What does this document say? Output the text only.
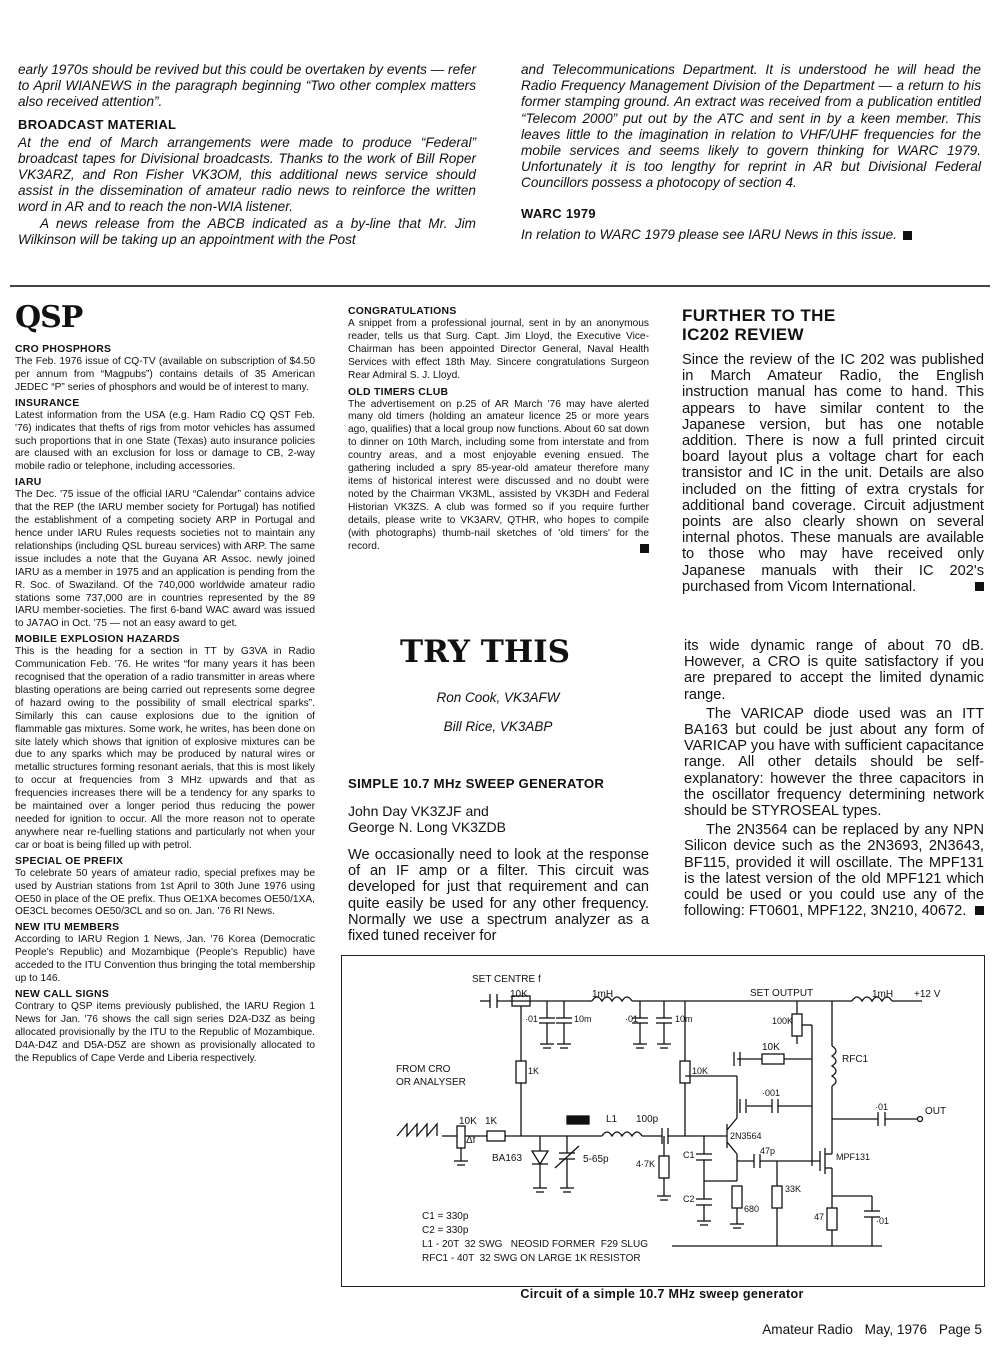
early 1970s should be revived but this could be overtaken by events — refer to April WIANEWS in the paragraph beginning “Two other complex matters also received attention”.

BROADCAST MATERIAL

At the end of March arrangements were made to produce “Federal” broadcast tapes for Divisional broadcasts. Thanks to the work of Bill Roper VK3ARZ, and Ron Fisher VK3OM, this additional news service should assist in the dissemination of amateur radio news to reinforce the written word in AR and to reach the non-WIA listener.

A news release from the ABCB indicated as a by-line that Mr. Jim Wilkinson will be taking up an appointment with the Post

and Telecommunications Department. It is understood he will head the Radio Frequency Management Division of the Department — a return to his former stamping ground. An extract was received from a publication entitled “Telecom 2000” put out by the ATC and sent in by a keen member. This leaves little to the imagination in relation to VHF/UHF frequencies for the mobile services and seems likely to govern thinking for WARC 1979. Unfortunately it is too lengthy for reprint in AR but Divisional Federal Councillors possess a photocopy of section 4.

WARC 1979

In relation to WARC 1979 please see IARU News in this issue.

QSP

CRO PHOSPHORS

The Feb. 1976 issue of CQ-TV (available on subscription of $4.50 per annum from “Magpubs”) contains details of 35 American JEDEC “P” series of phosphors and would be of interest to many.

INSURANCE

Latest information from the USA (e.g. Ham Radio CQ QST Feb. '76) indicates that thefts of rigs from motor vehicles has assumed such proportions that in one State (Texas) auto insurance policies are claused with an exclusion for loss or damage to CB, 2-way mobile radio or telephone, including accessories.

IARU

The Dec. '75 issue of the official IARU “Calendar” contains advice that the REP (the IARU member society for Portugal) has notified the establishment of a competing society ARP in Portugal and hence under IARU Rules requests societies not to maintain any relationships (including QSL bureau services) with ARP. The same issue includes a note that the Guyana AR Assoc. newly joined IARU as a member in 1975 and an application is pending from the R. Soc. of Swaziland. Of the 740,000 worldwide amateur radio stations some 737,000 are in countries represented by the 89 IARU member-societies. The first 6-band WAC award was issued to JA7AO in Oct. '75 — not an easy award to get.

MOBILE EXPLOSION HAZARDS

This is the heading for a section in TT by G3VA in Radio Communication Feb. '76. He writes “for many years it has been recognised that the operation of a radio transmitter in areas where blasting operations are being carried out represents some degree of hazard owing to the possibility of small electrical sparks”. Similarly this can cause explosions due to the ignition of flammable gas mixtures. Some work, he writes, has been done on site lately which shows that ignition of explosive mixtures can be due to any sparks which may be produced by natural wires or metallic structures forming resonant aerials, that this is most likely to occur at frequencies from 3 MHz upwards and that as frequencies increases there will be a tendency for any sparks to be maintained over a longer period thus reducing the power needed for ignition to occur. All the more reason not to operate anywhere near re-fuelling stations and particularly not when your car or boat is being filled up with petrol.

SPECIAL OE PREFIX

To celebrate 50 years of amateur radio, special prefixes may be used by Austrian stations from 1st April to 30th June 1976 using OE50 in place of the OE prefix. Thus OE1XA becomes OE50/1XA, OE3CL becomes OE50/3CL and so on. Jan. '76 RI News.

NEW ITU MEMBERS

According to IARU Region 1 News, Jan. '76 Korea (Democratic People's Republic) and Mozambique (People's Republic) have acceded to the ITU Convention thus bringing the total membership up to 146.

NEW CALL SIGNS

Contrary to QSP items previously published, the IARU Region 1 News for Jan. '76 shows the call sign series D2A-D3Z as being allocated provisionally by the ITU to the Republic of Mozambique. D4A-D4Z and D5A-D5Z are shown as provisionally allocated to the Republics of Cape Verde and Liberia respectively.

CONGRATULATIONS

A snippet from a professional journal, sent in by an anonymous reader, tells us that Surg. Capt. Jim Lloyd, the Executive Vice-Chairman has been appointed Director General, Naval Health Services with effect 18th May. Sincere congratulations Surgeon Rear Admiral S. J. Lloyd.

OLD TIMERS CLUB

The advertisement on p.25 of AR March '76 may have alerted many old timers (holding an amateur licence 25 or more years ago, qualifies) that a local group now functions. About 60 sat down to dinner on 10th March, including some from interstate and from country areas, and a most enjoyable evening ensued. The gathering included a spry 85-year-old amateur therefore many items of historical interest were discussed and no doubt were noted by the Chairman VK3ML, assisted by VK3DH and Federal Historian VK3ZS. A club was formed so if you require further details, please write to VK3ARV, QTHR, who hopes to compile (with photographs) thumb-nail sketches of 'old timers' for the record.

FURTHER TO THE
IC202 REVIEW

Since the review of the IC 202 was published in March Amateur Radio, the English instruction manual has come to hand. This appears to have similar content to the Japanese version, but has one notable addition. There is now a full printed circuit board layout plus a voltage chart for each transistor and IC in the unit. Details are also included on the fitting of extra crystals for additional band coverage. Circuit adjustment points are also clearly shown on several internal photos. These manuals are available to those who may have received only Japanese manuals with their IC 202's purchased from Vicom International.

TRY THIS
Ron Cook, VK3AFW
Bill Rice, VK3ABP
SIMPLE 10.7 MHz SWEEP GENERATOR
John Day VK3ZJF and
George N. Long VK3ZDB

We occasionally need to look at the response of an IF amp or a filter. This circuit was developed for just that requirement and can quite easily be used for any other frequency. Normally we use a spectrum analyzer as a fixed tuned receiver for

its wide dynamic range of about 70 dB. However, a CRO is quite satisfactory if you are prepared to accept the limited dynamic range.

The VARICAP diode used was an ITT BA163 but could be just about any form of VARICAP you have with sufficient capacitance range. All other details should be self-explanatory: however the three capacitors in the oscillator frequency determining network should be STYROSEAL types.

The 2N3564 can be replaced by any NPN Silicon device such as the 2N3693, 2N3643, BF115, provided it will oscillate. The MPF131 is the latest version of the old MPF121 which could be used or you could use any of the following: FT0601, MPF122, 3N210, 40672.

SET CENTRE f
SET OUTPUT
10K	1mH	1mH +12 V
·01	10m	·01	10m	100K
10K
RFC1
·001
·01	OUT
FROM CRO
OR ANALYSER
1K
10K
Δf
1K
10K
L1 100p
2N3564
47p
MPF131
BA163	5-65p	4·7K
C1
C2
33K
680
47	·01
C1 = 330p
C2 = 330p
L1 - 20T  32 SWG   NEOSID FORMER  F29 SLUG
RFC1 - 40T  32 SWG ON LARGE 1K RESISTOR
Circuit of a simple 10.7 MHz sweep generator
Amateur Radio May, 1976 Page 5
